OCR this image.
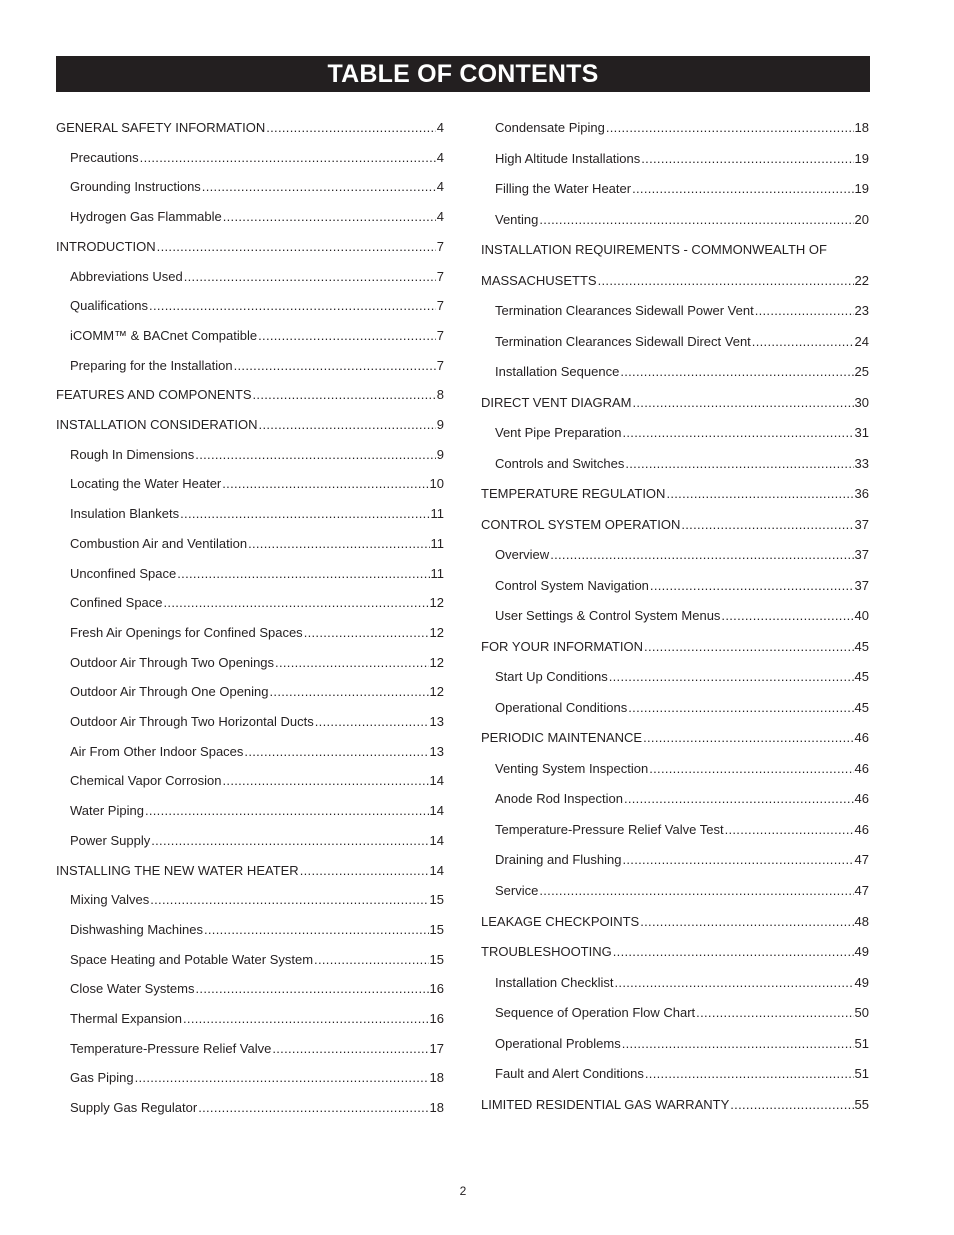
TABLE OF CONTENTS
GENERAL SAFETY INFORMATION .....	4
Precautions .....	4
Grounding Instructions .....	4
Hydrogen Gas Flammable .....	4
INTRODUCTION .....	7
Abbreviations Used .....	7
Qualifications .....	7
iCOMM™ & BACnet Compatible .....	7
Preparing for the Installation .....	7
FEATURES AND COMPONENTS .....	8
INSTALLATION CONSIDERATION .....	9
Rough In Dimensions .....	9
Locating the Water Heater .....	10
Insulation Blankets .....	11
Combustion Air and Ventilation .....	11
Unconfined Space .....	11
Confined Space .....	12
Fresh Air Openings for Confined Spaces .....	12
Outdoor Air Through Two Openings .....	12
Outdoor Air Through One Opening .....	12
Outdoor Air Through Two Horizontal Ducts .....	13
Air From Other Indoor Spaces .....	13
Chemical Vapor Corrosion .....	14
Water Piping .....	14
Power Supply .....	14
INSTALLING THE NEW WATER HEATER .....	14
Mixing Valves .....	15
Dishwashing Machines .....	15
Space Heating and Potable Water System .....	15
Close Water Systems .....	16
Thermal Expansion .....	16
Temperature-Pressure Relief Valve .....	17
Gas Piping .....	18
Supply Gas Regulator .....	18
Condensate Piping .....	18
High Altitude Installations .....	19
Filling the Water Heater .....	19
Venting .....	20
INSTALLATION REQUIREMENTS - COMMONWEALTH OF
MASSACHUSETTS .....	22
Termination Clearances Sidewall Power Vent .....	23
Termination Clearances Sidewall Direct Vent .....	24
Installation Sequence .....	25
DIRECT VENT DIAGRAM .....	30
Vent Pipe Preparation .....	31
Controls and Switches .....	33
TEMPERATURE REGULATION .....	36
CONTROL SYSTEM OPERATION .....	37
Overview .....	37
Control System Navigation .....	37
User Settings & Control System Menus .....	40
FOR YOUR INFORMATION .....	45
Start Up Conditions .....	45
Operational Conditions .....	45
PERIODIC MAINTENANCE .....	46
Venting System Inspection .....	46
Anode Rod Inspection .....	46
Temperature-Pressure Relief Valve Test .....	46
Draining and Flushing .....	47
Service .....	47
LEAKAGE CHECKPOINTS .....	48
TROUBLESHOOTING .....	49
Installation Checklist .....	49
Sequence of Operation Flow Chart .....	50
Operational Problems .....	51
Fault and Alert Conditions .....	51
LIMITED RESIDENTIAL GAS WARRANTY .....	55
2
